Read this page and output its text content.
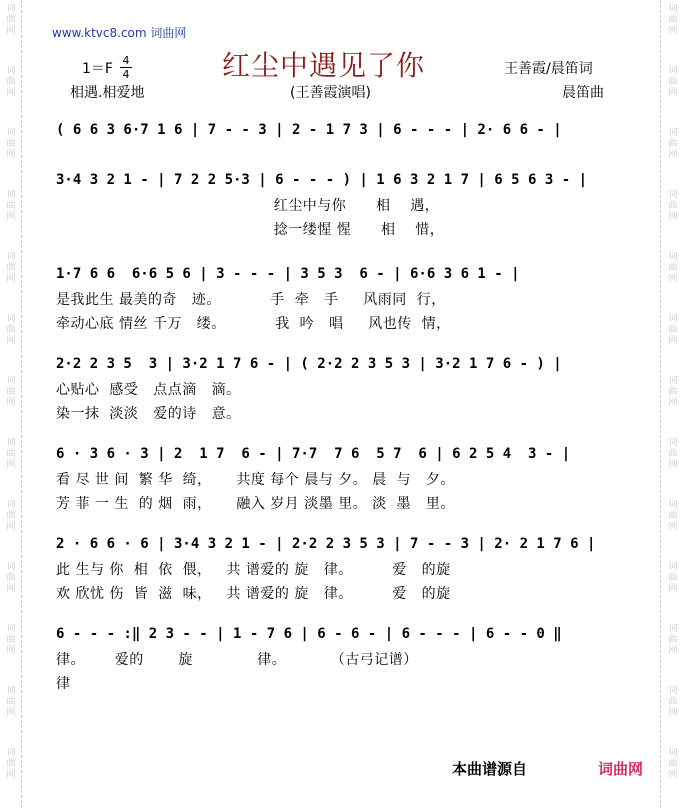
词
曲
网
词
曲
网
词
曲
网
词
曲
网
词
曲
网
词
曲
网
词
曲
网
词
曲
网
词
曲
网
词
曲
网
词
曲
网
词
曲
网
词
曲
网
词
曲
网
词
曲
网
词
曲
网
词
曲
网
词
曲
网
词
曲
网
词
曲
网
词
曲
网
词
曲
网
词
曲
网
词
曲
网
词
曲
网
词
曲
网
www.ktvc8.com 词曲网
1＝F
4
4	红尘中遇见了你	王善霞/晨笛词
晨笛曲
相遇.相爱地	(王善霞演唱)
( 6 6 3 6·7 1 6 | 7 - - 3 | 2 - 1 7 3 | 6 - - - | 2· 6 6 - |
3·4 3 2 1 - | 7 2 2 5·3 | 6 - - - ) | 1 6 3 2 1 7 | 6 5 6 3 - |
红尘中与你      相    遇，
捻一缕惺 惺      相    惜，
1·7 6 6  6·6 5 6 | 3 - - - | 3 5 3  6 - | 6·6 3 6 1 - |
是我此生 最美的奇   迹。          手  牵   手     风雨同  行，
牵动心底 情丝 千万   缕。          我  吟   唱     风也传  情，
2·2 2 3 5  3 | 3·2 1 7 6 - | ( 2·2 2 3 5 3 | 3·2 1 7 6 - ) |
心贴心  感受   点点滴   滴。
染一抹  淡淡   爱的诗   意。
6 · 3 6 · 3 | 2  1 7  6 - | 7·7  7 6  5 7  6 | 6 2 5 4  3 - |
看 尽 世 间  繁 华  绮，     共度 每个 晨与 夕。 晨  与   夕。
芳 菲 一 生  的 烟  雨，     融入 岁月 淡墨 里。 淡  墨   里。
2 · 6 6 · 6 | 3·4 3 2 1 - | 2·2 2 3 5 3 | 7 - - 3 | 2· 2 1 7 6 |
此 生与 你  相  依  偎，   共 谱爱的 旋   律。        爱   的旋
欢 欣忧 伤  皆  滋  味，   共 谱爱的 旋   律。        爱   的旋
6 - - - :‖ 2 3 - - | 1 - 7 6 | 6 - 6 - | 6 - - - | 6 - - 0 ‖
律。      爱的       旋             律。         （古弓记谱）
律
本曲谱源自	词曲网
